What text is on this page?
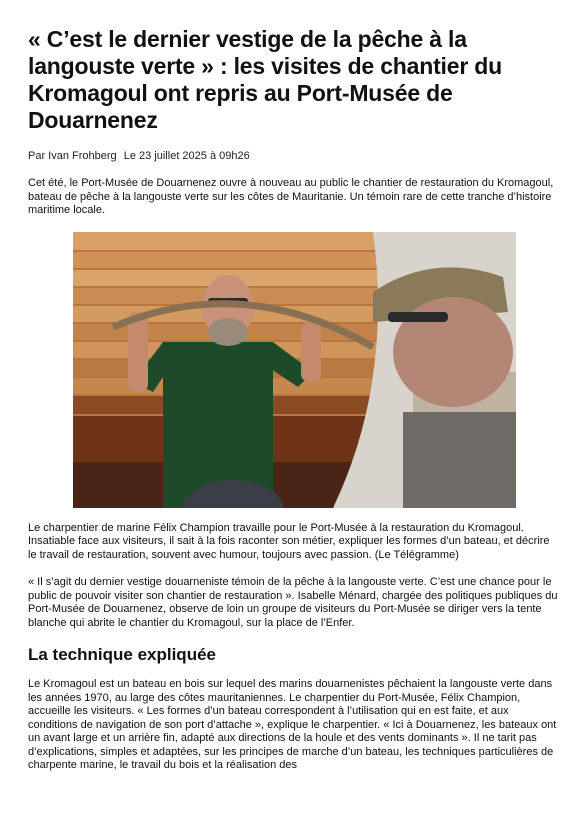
« C’est le dernier vestige de la pêche à la langouste verte » : les visites de chantier du Kromagoul ont repris au Port-Musée de Douarnenez
Par Ivan Frohberg Le 23 juillet 2025 à 09h26

Cet été, le Port-Musée de Douarnenez ouvre à nouveau au public le chantier de restauration du Kromagoul, bateau de pêche à la langouste verte sur les côtes de Mauritanie. Un témoin rare de cette tranche d’histoire maritime locale.

Le charpentier de marine Félix Champion travaille pour le Port-Musée à la restauration du Kromagoul. Insatiable face aux visiteurs, il sait à la fois raconter son métier, expliquer les formes d’un bateau, et décrire le travail de restauration, souvent avec humour, toujours avec passion. (Le Télégramme)

« Il s’agit du dernier vestige douarneniste témoin de la pêche à la langouste verte. C’est une chance pour le public de pouvoir visiter son chantier de restauration ». Isabelle Ménard, chargée des politiques publiques du Port-Musée de Douarnenez, observe de loin un groupe de visiteurs du Port-Musée se diriger vers la tente blanche qui abrite le chantier du Kromagoul, sur la place de l’Enfer.

La technique expliquée

Le Kromagoul est un bateau en bois sur lequel des marins douarnenistes pêchaient la langouste verte dans les années 1970, au large des côtes mauritaniennes. Le charpentier du Port-Musée, Félix Champion, accueille les visiteurs. « Les formes d’un bateau correspondent à l’utilisation qui en est faite, et aux conditions de navigation de son port d’attache », explique le charpentier. « Ici à Douarnenez, les bateaux ont un avant large et un arrière fin, adapté aux directions de la houle et des vents dominants ». Il ne tarit pas d’explications, simples et adaptées, sur les principes de marche d’un bateau, les techniques particulières de charpente marine, le travail du bois et la réalisation des
